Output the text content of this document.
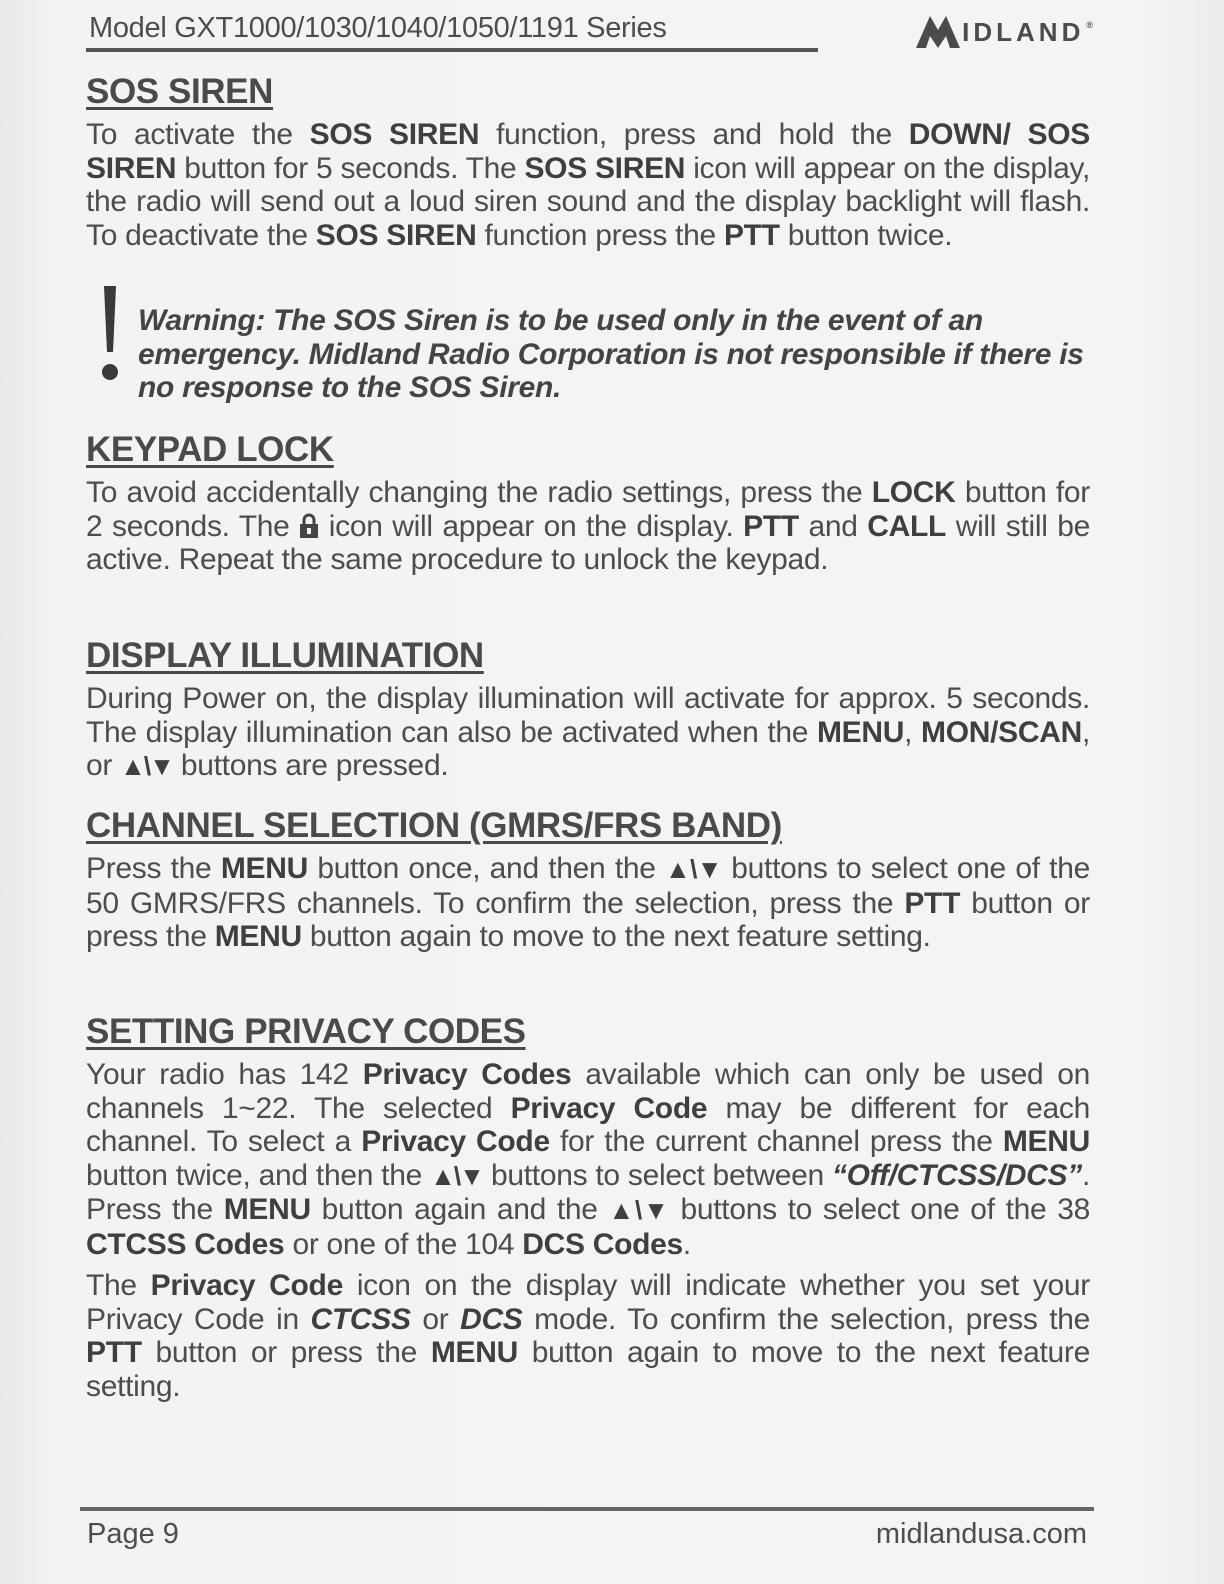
Model GXT1000/1030/1040/1050/1191 Series	IDLAND ®
SOS SIREN

To activate the SOS SIREN function, press and hold the DOWN/ SOS SIREN button for 5 seconds. The SOS SIREN icon will appear on the display, the radio will send out a loud siren sound and the display backlight will flash. To deactivate the SOS SIREN function press the PTT button twice.

Warning: The SOS Siren is to be used only in the event of an emergency. Midland Radio Corporation is not responsible if there is no response to the SOS Siren.
KEYPAD LOCK

To avoid accidentally changing the radio settings, press the LOCK button for 2 seconds. The  icon will appear on the display. PTT and CALL will still be active. Repeat the same procedure to unlock the keypad.

DISPLAY ILLUMINATION

During Power on, the display illumination will activate for approx. 5 seconds. The display illumination can also be activated when the MENU, MON/SCAN, or ▲\▼ buttons are pressed.

CHANNEL SELECTION (GMRS/FRS BAND)

Press the MENU button once, and then the ▲\▼ buttons to select one of the 50 GMRS/FRS channels. To confirm the selection, press the PTT button or press the MENU button again to move to the next feature setting.

SETTING PRIVACY CODES

Your radio has 142 Privacy Codes available which can only be used on channels 1~22. The selected Privacy Code may be different for each channel. To select a Privacy Code for the current channel press the MENU button twice, and then the ▲\▼ buttons to select between “Off/CTCSS/DCS”. Press the MENU button again and the ▲\▼ buttons to select one of the 38 CTCSS Codes or one of the 104 DCS Codes.

The Privacy Code icon on the display will indicate whether you set your Privacy Code in CTCSS or DCS mode. To confirm the selection, press the PTT button or press the MENU button again to move to the next feature setting.

Page 9	midlandusa.com
